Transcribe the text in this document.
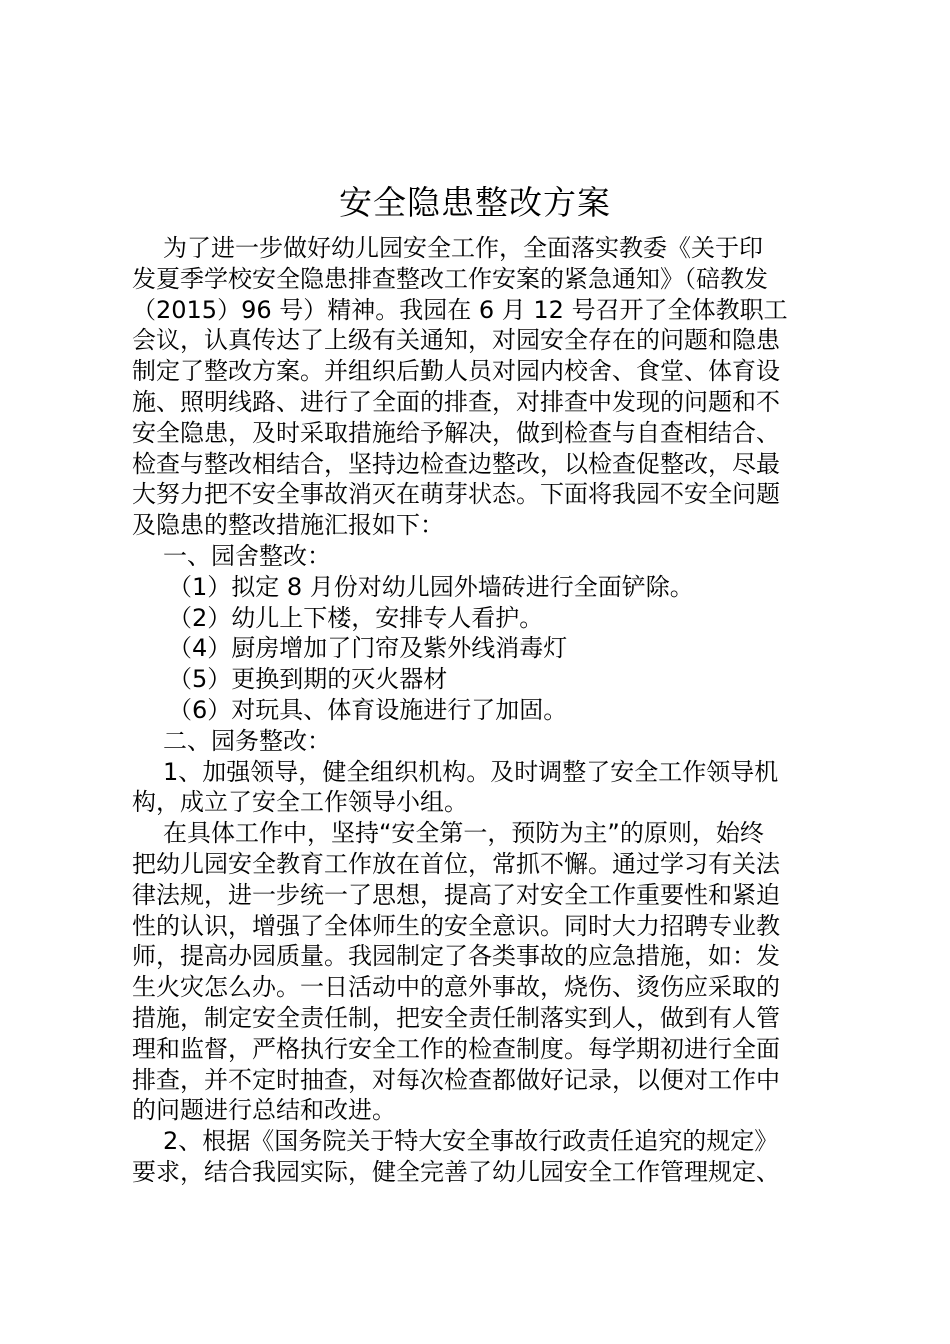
安全隐患整改方案
为了进一步做好幼儿园安全工作，全面落实教委《关于印
发夏季学校安全隐患排查整改工作安案的紧急通知》（碚教发
（2015）96 号）精神。我园在 6 月 12 号召开了全体教职工
会议，认真传达了上级有关通知，对园安全存在的问题和隐患
制定了整改方案。并组织后勤人员对园内校舍、食堂、体育设
施、照明线路、进行了全面的排查，对排查中发现的问题和不
安全隐患，及时采取措施给予解决，做到检查与自查相结合、
检查与整改相结合，坚持边检查边整改，以检查促整改，尽最
大努力把不安全事故消灭在萌芽状态。下面将我园不安全问题
及隐患的整改措施汇报如下：
一、园舍整改：
（1）拟定 8 月份对幼儿园外墙砖进行全面铲除。
（2）幼儿上下楼，安排专人看护。
（4）厨房增加了门帘及紫外线消毒灯
（5）更换到期的灭火器材
（6）对玩具、体育设施进行了加固。
二、园务整改：
1、加强领导，健全组织机构。及时调整了安全工作领导机
构，成立了安全工作领导小组。
在具体工作中，坚持“安全第一，预防为主”的原则，始终
把幼儿园安全教育工作放在首位，常抓不懈。通过学习有关法
律法规，进一步统一了思想，提高了对安全工作重要性和紧迫
性的认识，增强了全体师生的安全意识。同时大力招聘专业教
师，提高办园质量。我园制定了各类事故的应急措施，如：发
生火灾怎么办。一日活动中的意外事故，烧伤、烫伤应采取的
措施，制定安全责任制，把安全责任制落实到人，做到有人管
理和监督，严格执行安全工作的检查制度。每学期初进行全面
排查，并不定时抽查，对每次检查都做好记录，以便对工作中
的问题进行总结和改进。
2、根据《国务院关于特大安全事故行政责任追究的规定》
要求，结合我园实际，健全完善了幼儿园安全工作管理规定、
